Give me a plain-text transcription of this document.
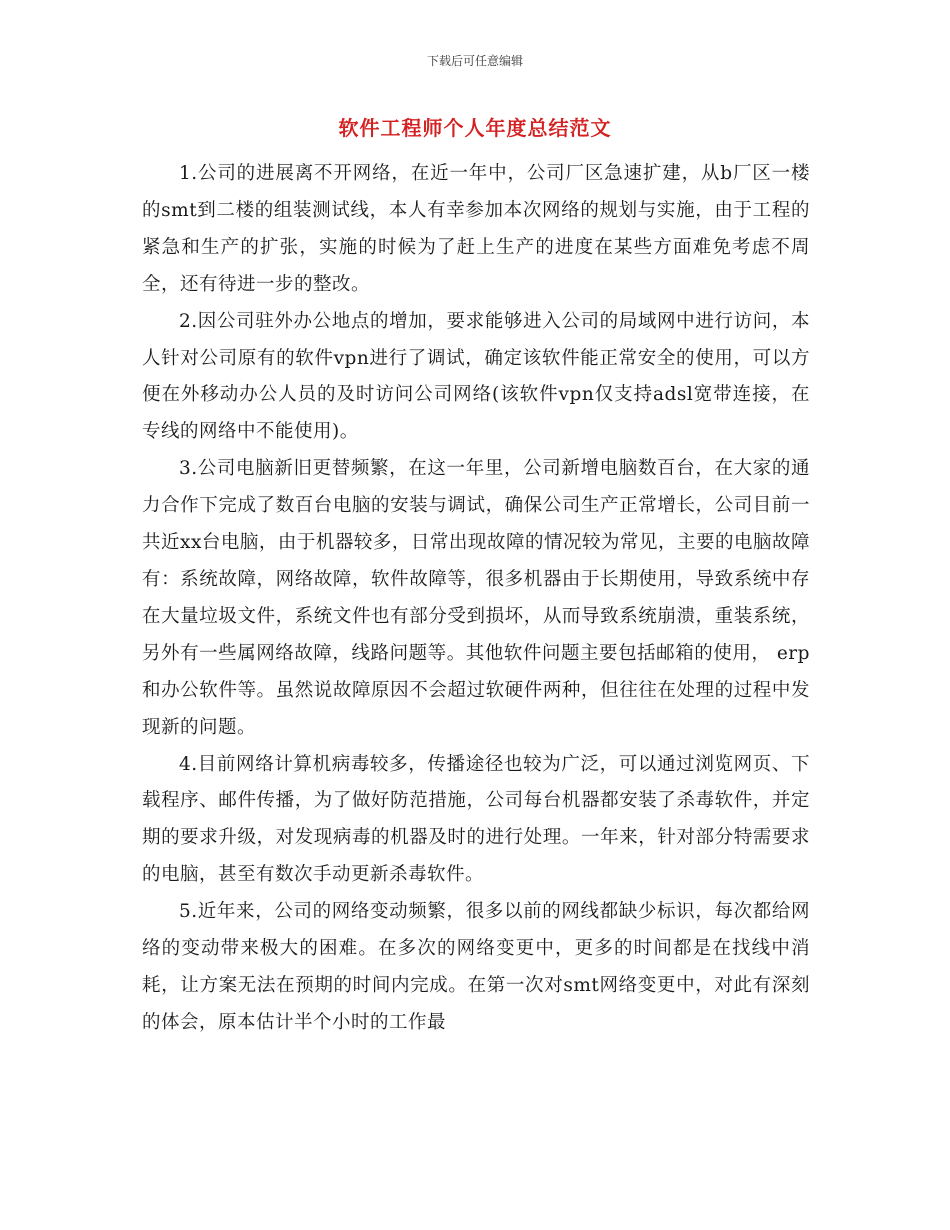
下载后可任意编辑
软件工程师个人年度总结范文

1.公司的进展离不开网络，在近一年中，公司厂区急速扩建，从b厂区一楼的smt到二楼的组装测试线，本人有幸参加本次网络的规划与实施，由于工程的紧急和生产的扩张，实施的时候为了赶上生产的进度在某些方面难免考虑不周全，还有待进一步的整改。

2.因公司驻外办公地点的增加，要求能够进入公司的局域网中进行访问，本人针对公司原有的软件vpn进行了调试，确定该软件能正常安全的使用，可以方便在外移动办公人员的及时访问公司网络(该软件vpn仅支持adsl宽带连接，在专线的网络中不能使用)。

3.公司电脑新旧更替频繁，在这一年里，公司新增电脑数百台，在大家的通力合作下完成了数百台电脑的安装与调试，确保公司生产正常增长，公司目前一共近xx台电脑，由于机器较多，日常出现故障的情况较为常见，主要的电脑故障有：系统故障，网络故障，软件故障等，很多机器由于长期使用，导致系统中存在大量垃圾文件，系统文件也有部分受到损坏，从而导致系统崩溃，重装系统，另外有一些属网络故障，线路问题等。其他软件问题主要包括邮箱的使用， erp和办公软件等。虽然说故障原因不会超过软硬件两种，但往往在处理的过程中发现新的问题。

4.目前网络计算机病毒较多，传播途径也较为广泛，可以通过浏览网页、下载程序、邮件传播，为了做好防范措施，公司每台机器都安装了杀毒软件，并定期的要求升级，对发现病毒的机器及时的进行处理。一年来，针对部分特需要求的电脑，甚至有数次手动更新杀毒软件。

5.近年来，公司的网络变动频繁，很多以前的网线都缺少标识，每次都给网络的变动带来极大的困难。在多次的网络变更中，更多的时间都是在找线中消耗，让方案无法在预期的时间内完成。在第一次对smt网络变更中，对此有深刻的体会，原本估计半个小时的工作最
